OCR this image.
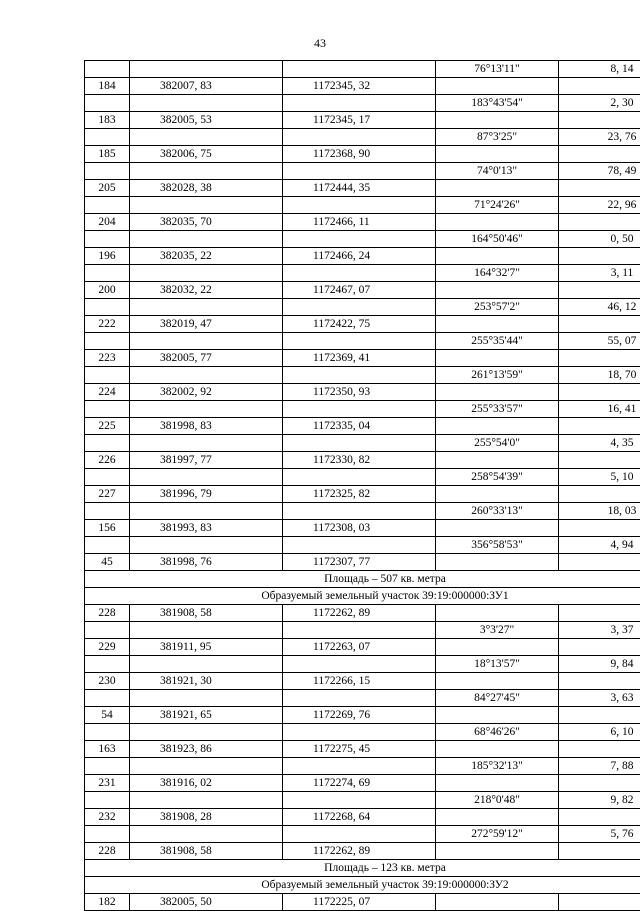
43
			76°13'11"	8, 14
184	382007, 83	1172345, 32		
			183°43'54"	2, 30
183	382005, 53	1172345, 17		
			87°3'25"	23, 76
185	382006, 75	1172368, 90		
			74°0'13"	78, 49
205	382028, 38	1172444, 35		
			71°24'26"	22, 96
204	382035, 70	1172466, 11		
			164°50'46"	0, 50
196	382035, 22	1172466, 24		
			164°32'7"	3, 11
200	382032, 22	1172467, 07		
			253°57'2"	46, 12
222	382019, 47	1172422, 75		
			255°35'44"	55, 07
223	382005, 77	1172369, 41		
			261°13'59"	18, 70
224	382002, 92	1172350, 93		
			255°33'57"	16, 41
225	381998, 83	1172335, 04		
			255°54'0"	4, 35
226	381997, 77	1172330, 82		
			258°54'39"	5, 10
227	381996, 79	1172325, 82		
			260°33'13"	18, 03
156	381993, 83	1172308, 03		
			356°58'53"	4, 94
45	381998, 76	1172307, 77		
Площадь – 507 кв. метра				
Образуемый земельный участок 39:19:000000:ЗУ1				
228	381908, 58	1172262, 89		
			3°3'27"	3, 37
229	381911, 95	1172263, 07		
			18°13'57"	9, 84
230	381921, 30	1172266, 15		
			84°27'45"	3, 63
54	381921, 65	1172269, 76		
			68°46'26"	6, 10
163	381923, 86	1172275, 45		
			185°32'13"	7, 88
231	381916, 02	1172274, 69		
			218°0'48"	9, 82
232	381908, 28	1172268, 64		
			272°59'12"	5, 76
228	381908, 58	1172262, 89		
Площадь – 123 кв. метра				
Образуемый земельный участок 39:19:000000:ЗУ2				
182	382005, 50	1172225, 07		
